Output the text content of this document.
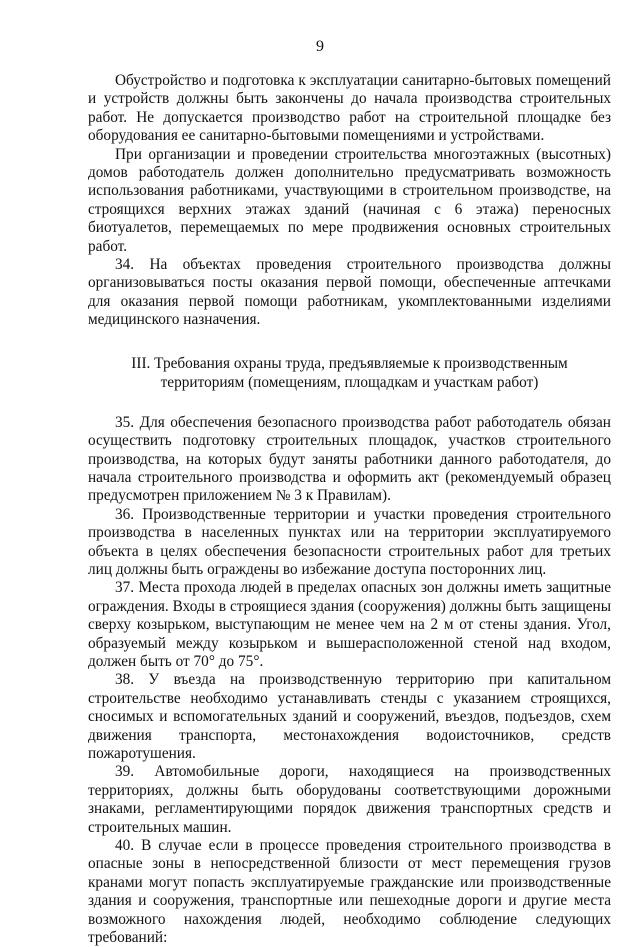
9

Обустройство и подготовка к эксплуатации санитарно-бытовых помещений и устройств должны быть закончены до начала производства строительных работ. Не допускается производство работ на строительной площадке без оборудования ее санитарно-бытовыми помещениями и устройствами.

При организации и проведении строительства многоэтажных (высотных) домов работодатель должен дополнительно предусматривать возможность использования работниками, участвующими в строительном производстве, на строящихся верхних этажах зданий (начиная с 6 этажа) переносных биотуалетов, перемещаемых по мере продвижения основных строительных работ.

34. На объектах проведения строительного производства должны организовываться посты оказания первой помощи, обеспеченные аптечками для оказания первой помощи работникам, укомплектованными изделиями медицинского назначения.

III. Требования охраны труда, предъявляемые к производственным
территориям (помещениям, площадкам и участкам работ)

35. Для обеспечения безопасного производства работ работодатель обязан осуществить подготовку строительных площадок, участков строительного производства, на которых будут заняты работники данного работодателя, до начала строительного производства и оформить акт (рекомендуемый образец предусмотрен приложением № 3 к Правилам).

36. Производственные территории и участки проведения строительного производства в населенных пунктах или на территории эксплуатируемого объекта в целях обеспечения безопасности строительных работ для третьих лиц должны быть ограждены во избежание доступа посторонних лиц.

37. Места прохода людей в пределах опасных зон должны иметь защитные ограждения. Входы в строящиеся здания (сооружения) должны быть защищены сверху козырьком, выступающим не менее чем на 2 м от стены здания. Угол, образуемый между козырьком и вышерасположенной стеной над входом, должен быть от 70° до 75°.

38. У въезда на производственную территорию при капитальном строительстве необходимо устанавливать стенды с указанием строящихся, сносимых и вспомогательных зданий и сооружений, въездов, подъездов, схем движения транспорта, местонахождения водоисточников, средств пожаротушения.

39. Автомобильные дороги, находящиеся на производственных территориях, должны быть оборудованы соответствующими дорожными знаками, регламентирующими порядок движения транспортных средств и строительных машин.

40. В случае если в процессе проведения строительного производства в опасные зоны в непосредственной близости от мест перемещения грузов кранами могут попасть эксплуатируемые гражданские или производственные здания и сооружения, транспортные или пешеходные дороги и другие места возможного нахождения людей, необходимо соблюдение следующих требований:
